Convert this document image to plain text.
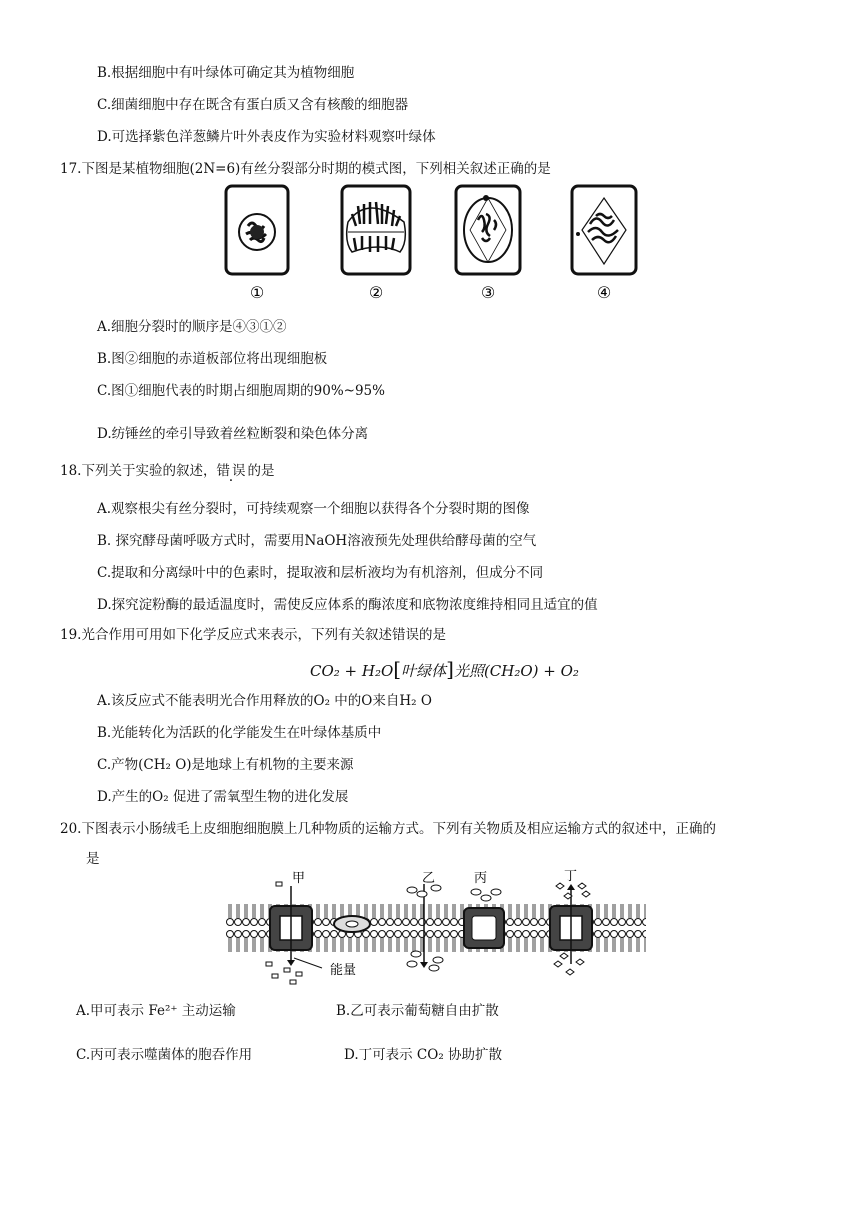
B.根据细胞中有叶绿体可确定其为植物细胞
C.细菌细胞中存在既含有蛋白质又含有核酸的细胞器
D.可选择紫色洋葱鳞片叶外表皮作为实验材料观察叶绿体
17.下图是某植物细胞(2N=6)有丝分裂部分时期的模式图，下列相关叙述正确的是
①	②	③	④
A.细胞分裂时的顺序是④③①②
B.图②细胞的赤道板部位将出现细胞板
C.图①细胞代表的时期占细胞周期的90%~95%
D.纺锤丝的牵引导致着丝粒断裂和染色体分离
18.下列关于实验的叙述，错误的是
A.观察根尖有丝分裂时，可持续观察一个细胞以获得各个分裂时期的图像
B. 探究酵母菌呼吸方式时，需要用NaOH溶液预先处理供给酵母菌的空气
C.提取和分离绿叶中的色素时，提取液和层析液均为有机溶剂，但成分不同
D.探究淀粉酶的最适温度时，需使反应体系的酶浓度和底物浓度维持相同且适宜的值
19.光合作用可用如下化学反应式来表示，下列有关叙述错误的是
CO₂ + H₂O[叶绿体]光照(CH₂O) + O₂
A.该反应式不能表明光合作用释放的O₂ 中的O来自H₂ O
B.光能转化为活跃的化学能发生在叶绿体基质中
C.产物(CH₂ O)是地球上有机物的主要来源
D.产生的O₂ 促进了需氧型生物的进化发展
20.下图表示小肠绒毛上皮细胞细胞膜上几种物质的运输方式。下列有关物质及相应运输方式的叙述中，正确的
是
甲
能量
乙	丙	丁
A.甲可表示 Fe²⁺ 主动运输	B.乙可表示葡萄糖自由扩散
C.丙可表示噬菌体的胞吞作用	D.丁可表示 CO₂ 协助扩散
